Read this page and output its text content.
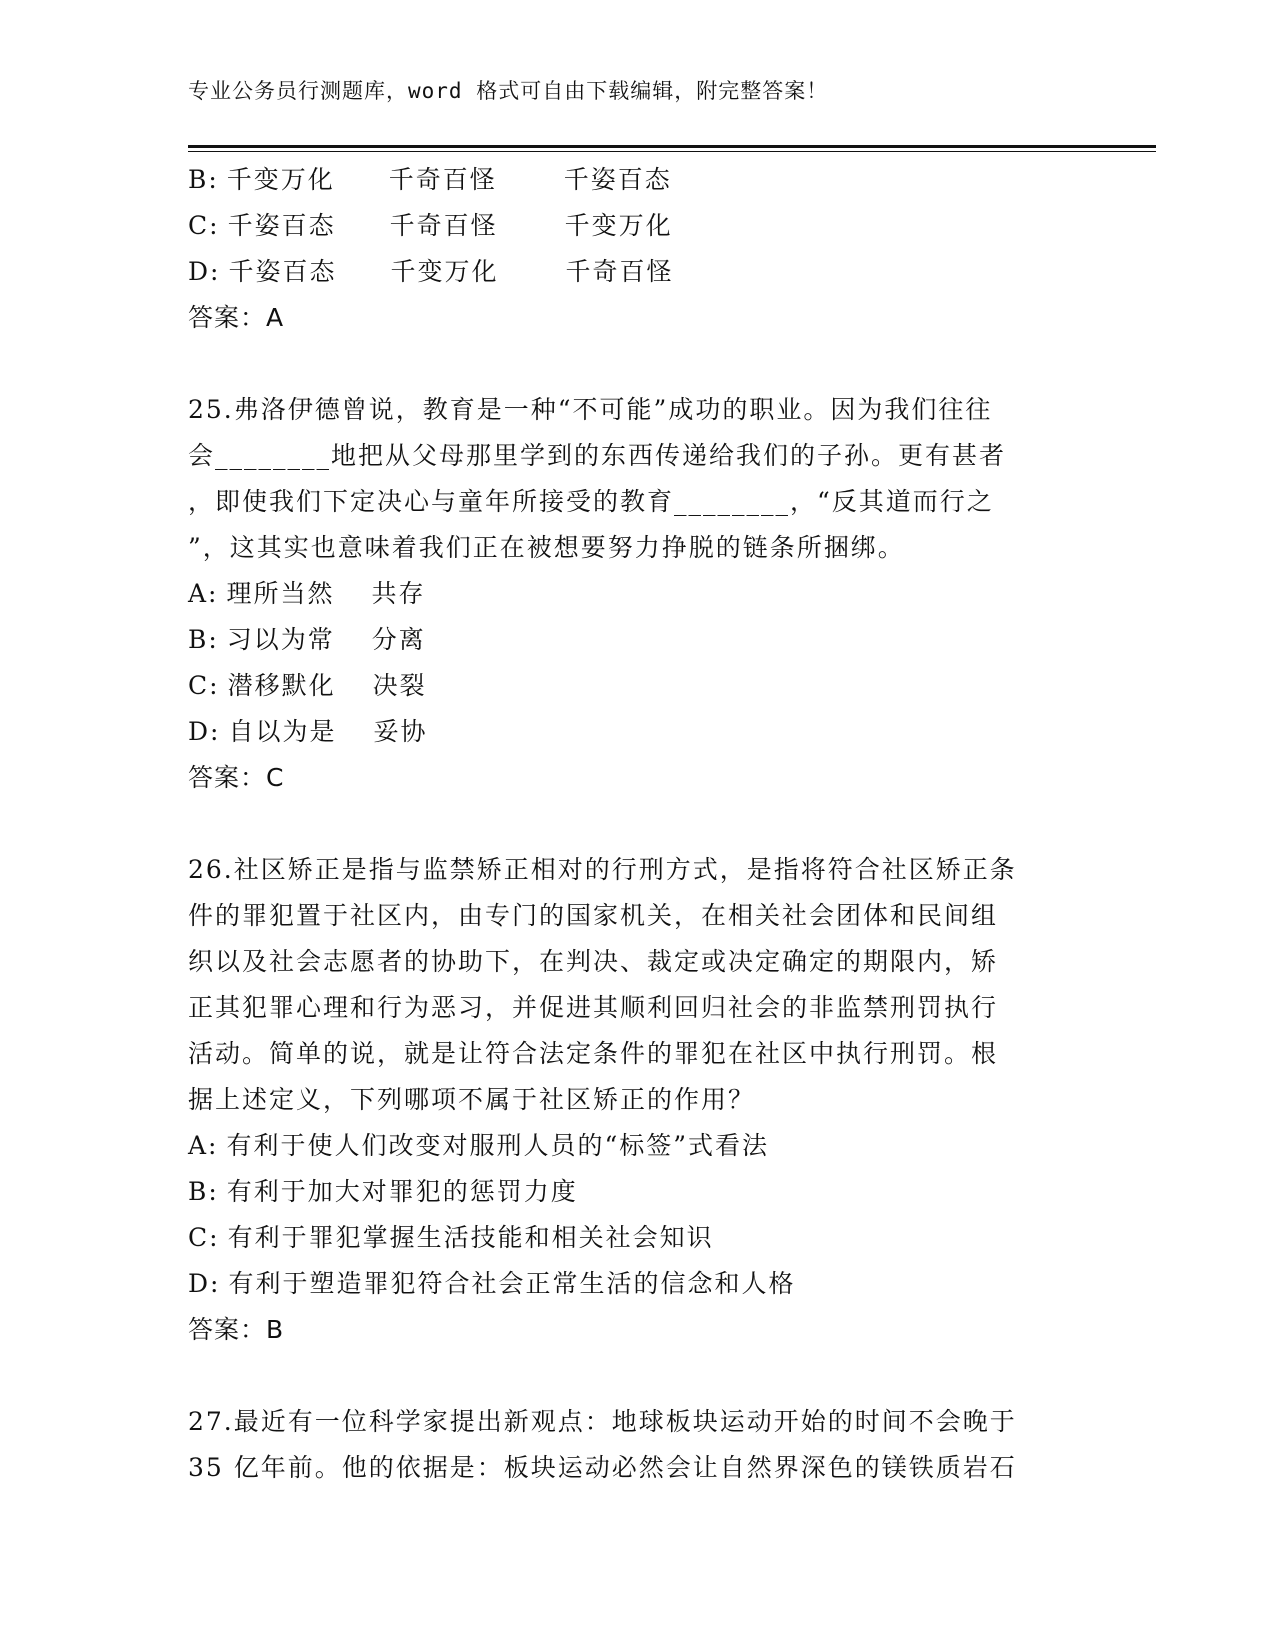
专业公务员行测题库，word 格式可自由下载编辑，附完整答案！
B: 千变万化 千奇百怪	千姿百态
C: 千姿百态 千奇百怪	千变万化
D: 千姿百态 千变万化	千奇百怪
答案：A
25.弗洛伊德曾说，教育是一种“不可能”成功的职业。因为我们往往
会________地把从父母那里学到的东西传递给我们的子孙。更有甚者
，即使我们下定决心与童年所接受的教育________，“反其道而行之
”，这其实也意味着我们正在被想要努力挣脱的链条所捆绑。
A: 理所当然 共存
B: 习以为常 分离
C: 潜移默化 决裂
D: 自以为是 妥协
答案：C
26.社区矫正是指与监禁矫正相对的行刑方式，是指将符合社区矫正条
件的罪犯置于社区内，由专门的国家机关，在相关社会团体和民间组
织以及社会志愿者的协助下，在判决、裁定或决定确定的期限内，矫
正其犯罪心理和行为恶习，并促进其顺利回归社会的非监禁刑罚执行
活动。简单的说，就是让符合法定条件的罪犯在社区中执行刑罚。根
据上述定义，下列哪项不属于社区矫正的作用？
A: 有利于使人们改变对服刑人员的“标签”式看法
B: 有利于加大对罪犯的惩罚力度
C: 有利于罪犯掌握生活技能和相关社会知识
D: 有利于塑造罪犯符合社会正常生活的信念和人格
答案：B
27.最近有一位科学家提出新观点：地球板块运动开始的时间不会晚于
35 亿年前。他的依据是：板块运动必然会让自然界深色的镁铁质岩石
